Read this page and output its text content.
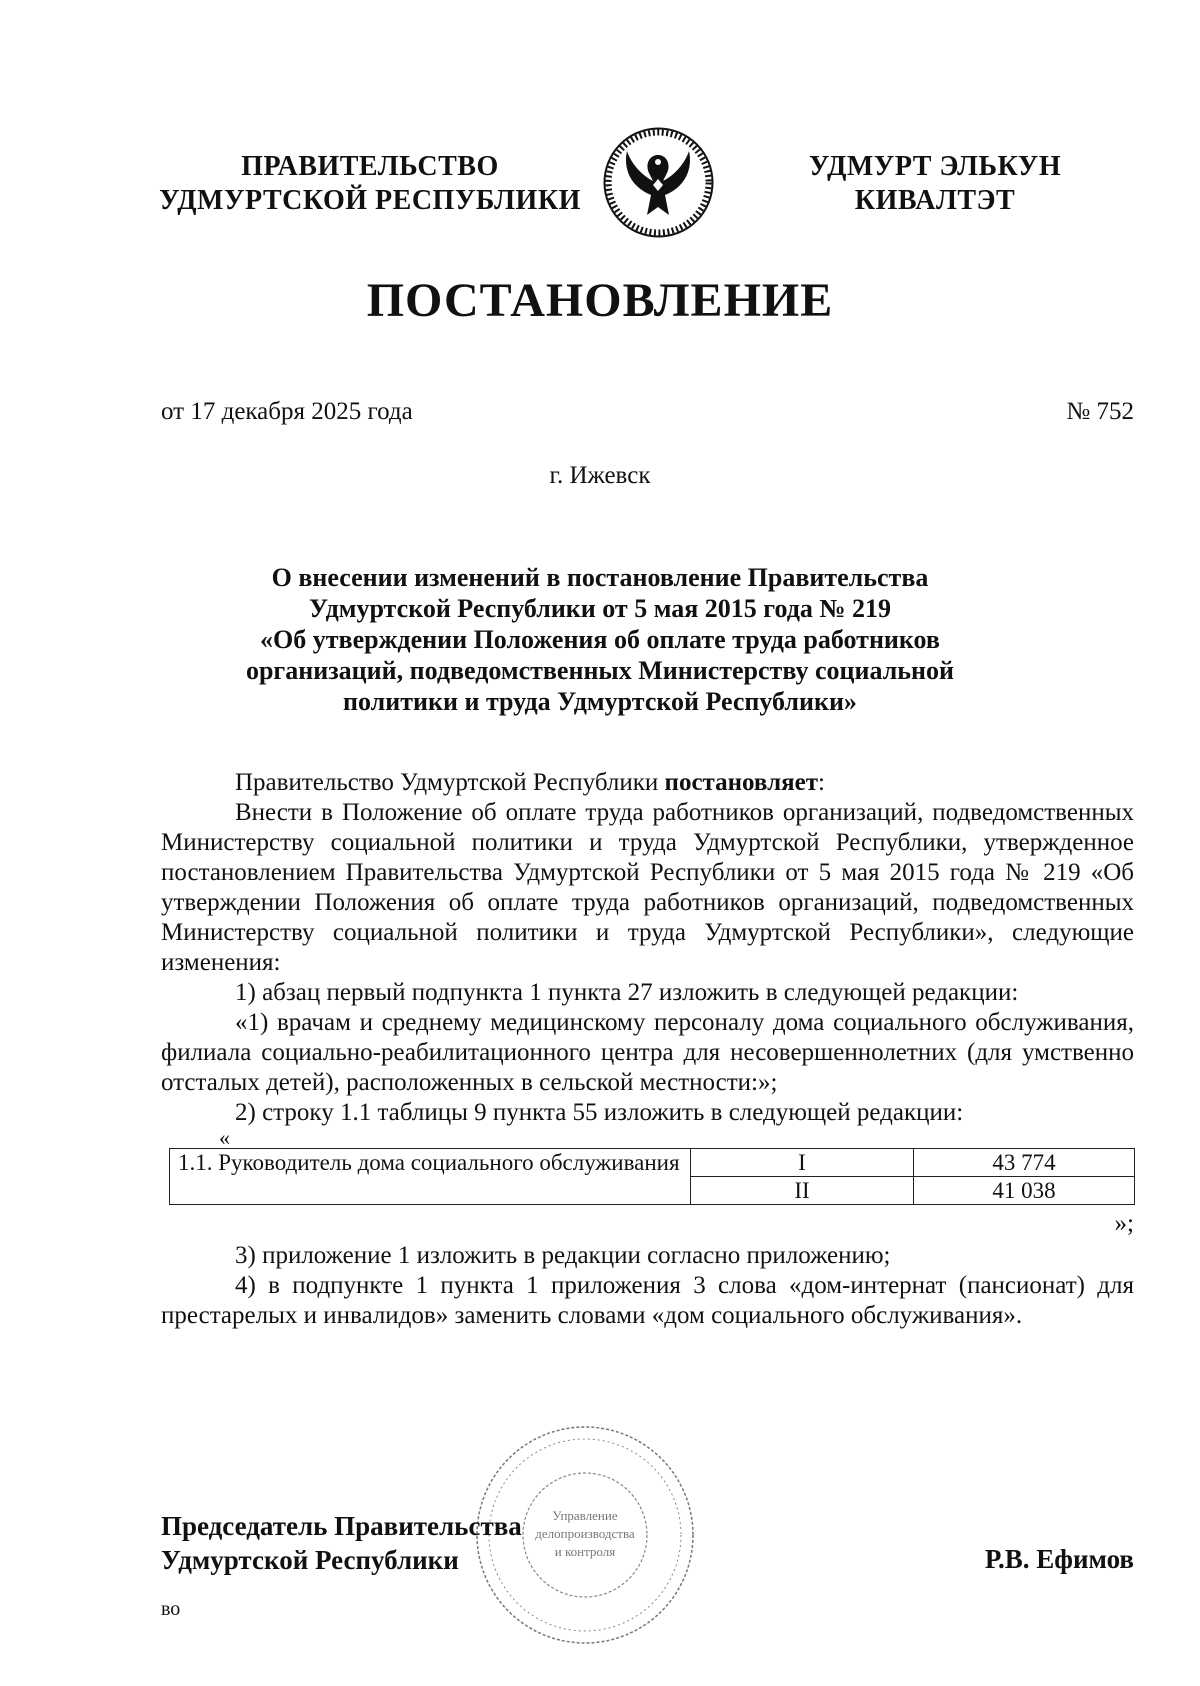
ПРАВИТЕЛЬСТВО
УДМУРТСКОЙ РЕСПУБЛИКИ
УДМУРТ ЭЛЬКУН
КИВАЛТЭТ
ПОСТАНОВЛЕНИЕ
от 17 декабря 2025 года	№ 752
г. Ижевск
О внесении изменений в постановление Правительства
Удмуртской Республики от 5 мая 2015 года № 219
«Об утверждении Положения об оплате труда работников
организаций, подведомственных Министерству социальной
политики и труда Удмуртской Республики»

Правительство Удмуртской Республики постановляет:

Внести в Положение об оплате труда работников организаций, подведомственных Министерству социальной политики и труда Удмуртской Республики, утвержденное постановлением Правительства Удмуртской Республики от 5 мая 2015 года № 219 «Об утверждении Положения об оплате труда работников организаций, подведомственных Министерству социальной политики и труда Удмуртской Республики», следующие изменения:

1) абзац первый подпункта 1 пункта 27 изложить в следующей редакции:

«1) врачам и среднему медицинскому персоналу дома социального обслуживания, филиала социально-реабилитационного центра для несовершеннолетних (для умственно отсталых детей), расположенных в сельской местности:»;

2) строку 1.1 таблицы 9 пункта 55 изложить в следующей редакции:

«

1.1. Руководитель дома социального обслуживания	I	43 774
	II	41 038

»;

3) приложение 1 изложить в редакции согласно приложению;

4) в подпункте 1 пункта 1 приложения 3 слова «дом-интернат (пансионат) для престарелых и инвалидов» заменить словами «дом социального обслуживания».

Управление
делопроизводства
и контроля
Председатель Правительства
Удмуртской Республики	Р.В. Ефимов
во
